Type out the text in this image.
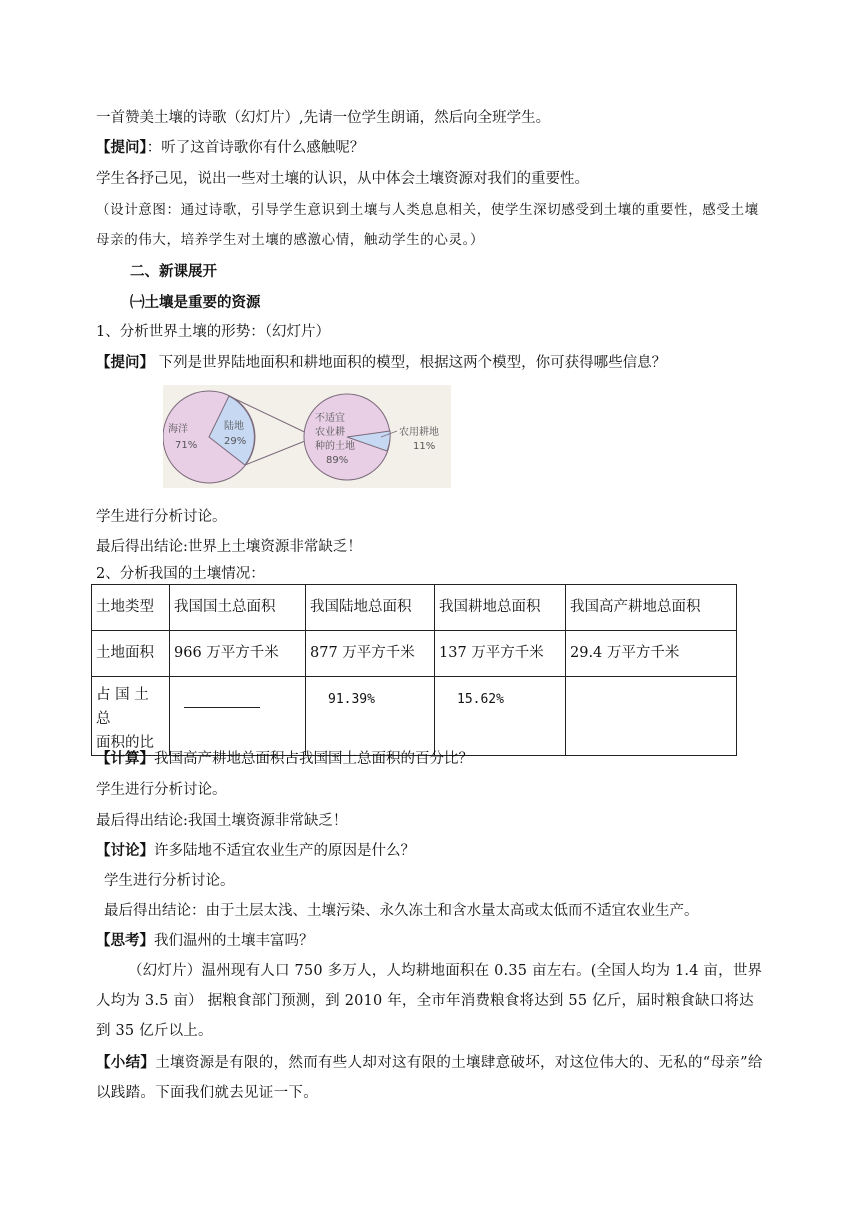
一首赞美土壤的诗歌（幻灯片）,先请一位学生朗诵，然后向全班学生。
【提问】：听了这首诗歌你有什么感触呢？
学生各抒己见，说出一些对土壤的认识，从中体会土壤资源对我们的重要性。
（设计意图：通过诗歌，引导学生意识到土壤与人类息息相关，使学生深切感受到土壤的重要性，感受土壤母亲的伟大，培养学生对土壤的感激心情，触动学生的心灵。）
二、新课展开
㈠土壤是重要的资源
1、分析世界土壤的形势：（幻灯片）
【提问】 下列是世界陆地面积和耕地面积的模型，根据这两个模型，你可获得哪些信息？
海洋
71%
陆地
29%
不适宜
农业耕
种的土地
89%
农用耕地
11%
学生进行分析讨论。
最后得出结论:世界上土壤资源非常缺乏！
2、分析我国的土壤情况：
土地类型	我国国土总面积	我国陆地总面积	我国耕地总面积	我国高产耕地总面积
土地面积	966 万平方千米	877 万平方千米	137 万平方千米	29.4 万平方千米

占 国 土 总
面积的比		91.39%	15.62%	
【计算】我国高产耕地总面积占我国国土总面积的百分比？
学生进行分析讨论。
最后得出结论:我国土壤资源非常缺乏！
【讨论】许多陆地不适宜农业生产的原因是什么？
学生进行分析讨论。
最后得出结论：由于土层太浅、土壤污染、永久冻土和含水量太高或太低而不适宜农业生产。
【思考】我们温州的土壤丰富吗？
（幻灯片）温州现有人口 750 多万人，人均耕地面积在 0.35 亩左右。(全国人均为 1.4 亩，世界人均为 3.5 亩） 据粮食部门预测，到 2010 年，全市年消费粮食将达到 55 亿斤，届时粮食缺口将达到 35 亿斤以上。
【小结】土壤资源是有限的，然而有些人却对这有限的土壤肆意破坏，对这位伟大的、无私的“母亲”给以践踏。下面我们就去见证一下。
